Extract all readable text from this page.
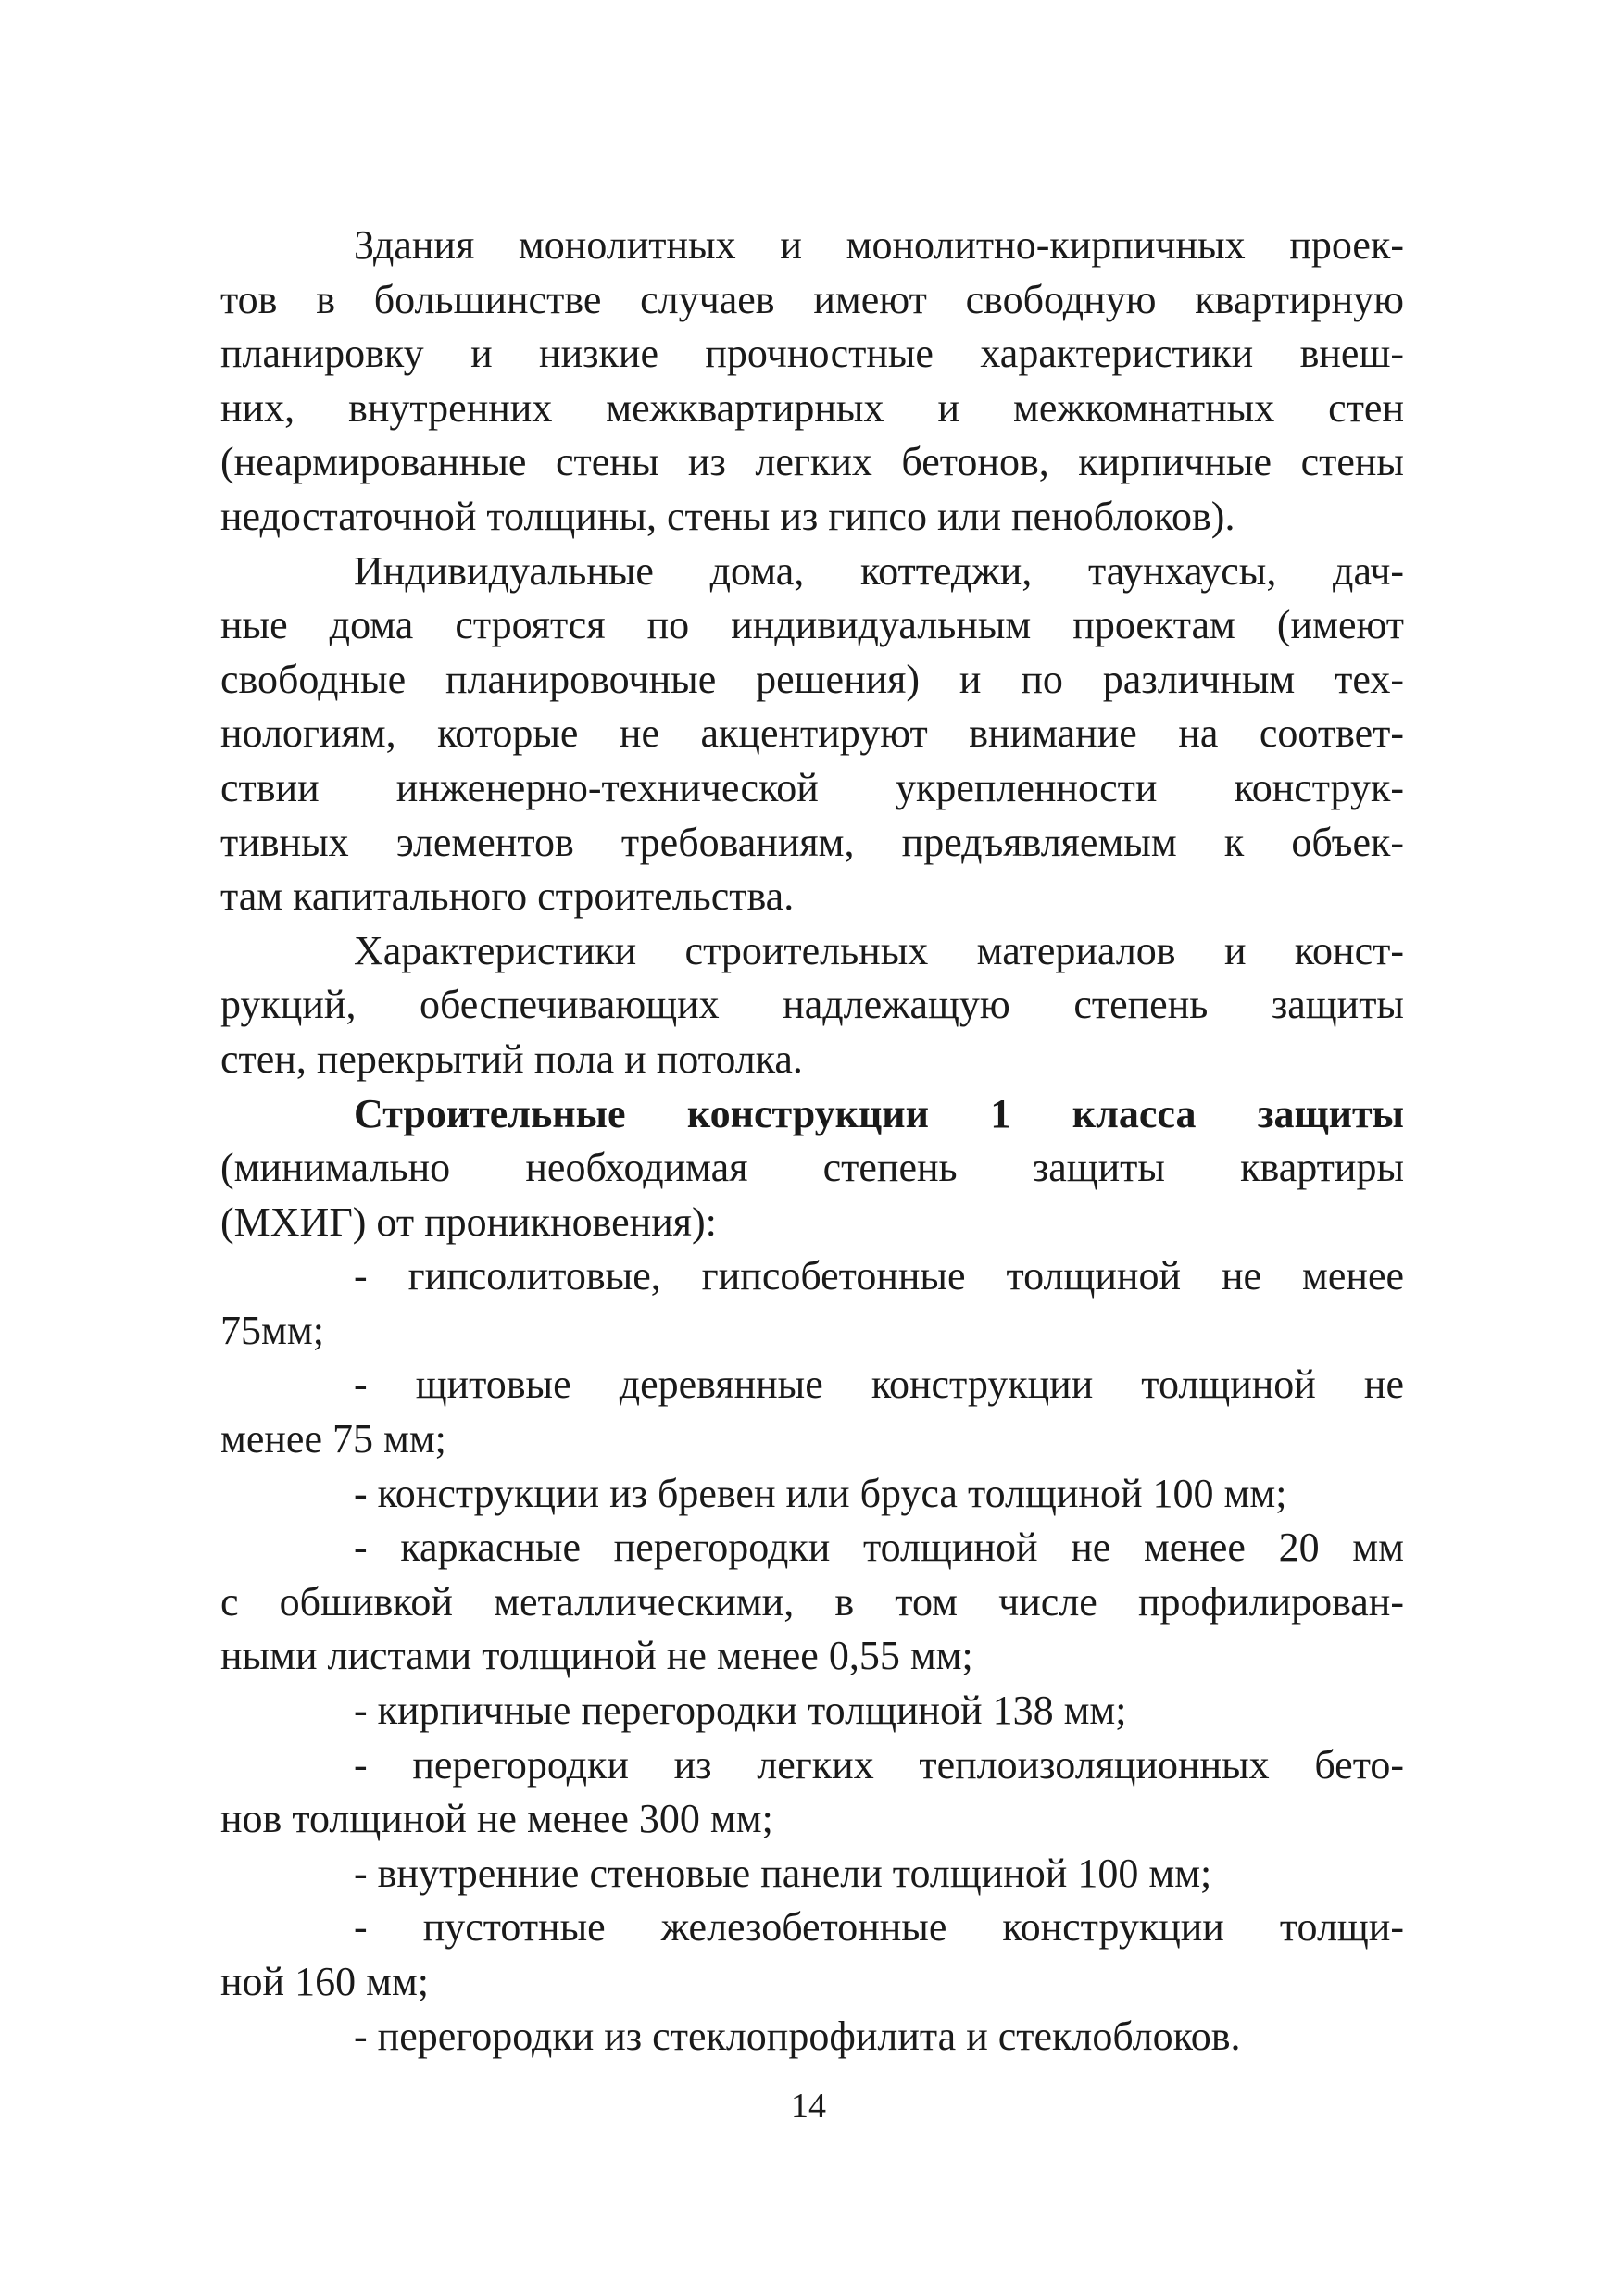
Здания монолитных и монолитно-кирпичных проек-
тов в большинстве случаев имеют свободную квартирную
планировку и низкие прочностные характеристики внеш-
них, внутренних межквартирных и межкомнатных стен
(неармированные стены из легких бетонов, кирпичные стены
недостаточной толщины, стены из гипсо или пеноблоков).
Индивидуальные дома, коттеджи, таунхаусы, дач-
ные дома строятся по индивидуальным проектам (имеют
свободные планировочные решения) и по различным тех-
нологиям, которые не акцентируют внимание на соответ-
ствии инженерно-технической укрепленности конструк-
тивных элементов требованиям, предъявляемым к объек-
там капитального строительства.
Характеристики строительных материалов и конст-
рукций, обеспечивающих надлежащую степень защиты
стен, перекрытий пола и потолка.
Строительные конструкции 1 класса защиты
(минимально необходимая степень защиты квартиры
(МХИГ) от проникновения):
- гипсолитовые, гипсобетонные толщиной не менее
75мм;
- щитовые деревянные конструкции толщиной не
менее 75 мм;
- конструкции из бревен или бруса толщиной 100 мм;
- каркасные перегородки толщиной не менее 20 мм
с обшивкой металлическими, в том числе профилирован-
ными листами толщиной не менее 0,55 мм;
- кирпичные перегородки толщиной 138 мм;
- перегородки из легких теплоизоляционных бето-
нов толщиной не менее 300 мм;
- внутренние стеновые панели толщиной 100 мм;
- пустотные железобетонные конструкции толщи-
ной 160 мм;
- перегородки из стеклопрофилита и стеклоблоков.
14
